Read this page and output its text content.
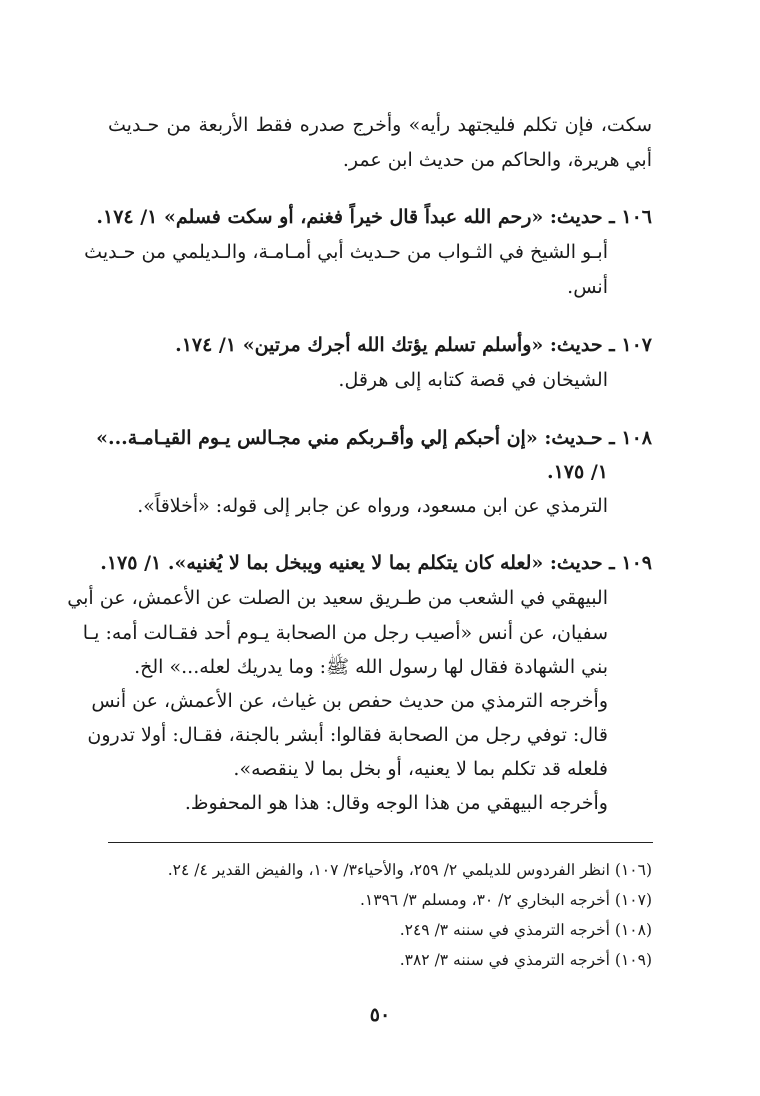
سكت، فإن تكلم فليجتهد رأيه» وأخرج صدره فقط الأربعة من حـديث
أبي هريرة، والحاكم من حديث ابن عمر.
١٠٦ ـ حديث: «رحم الله عبداً قال خيراً فغنم، أو سكت فسلم» ١/ ١٧٤.
أبـو الشيخ في الثـواب من حـديث أبي أمـامـة، والـديلمي من حـديث
أنس.
١٠٧ ـ حديث: «وأسلم تسلم يؤتك الله أجرك مرتين» ١/ ١٧٤.
الشيخان في قصة كتابه إلى هرقل.
١٠٨ ـ حـديث: «إن أحبكم إلي وأقـربكم مني مجـالس يـوم القيـامـة...»
١/ ١٧٥.
الترمذي عن ابن مسعود، ورواه عن جابر إلى قوله: «أخلاقاً».
١٠٩ ـ حديث: «لعله كان يتكلم بما لا يعنيه ويبخل بما لا يُغنيه». ١/ ١٧٥.
البيهقي في الشعب من طـريق سعيد بن الصلت عن الأعمش، عن أبي
سفيان، عن أنس «أصيب رجل من الصحابة يـوم أحد فقـالت أمه: يـا
بني الشهادة فقال لها رسول الله ﷺ: وما يدريك لعله...» الخ.
وأخرجه الترمذي من حديث حفص بن غياث، عن الأعمش، عن أنس
قال: توفي رجل من الصحابة فقالوا: أبشر بالجنة، فقـال: أولا تدرون
فلعله قد تكلم بما لا يعنيه، أو بخل بما لا ينقصه».
وأخرجه البيهقي من هذا الوجه وقال: هذا هو المحفوظ.
(١٠٦) انظر الفردوس للديلمي ٢/ ٢٥٩، والأحياء٣/ ١٠٧، والفيض القدير ٤/ ٢٤.
(١٠٧) أخرجه البخاري ٢/ ٣٠، ومسلم ٣/ ١٣٩٦.
(١٠٨) أخرجه الترمذي في سننه ٣/ ٢٤٩.
(١٠٩) أخرجه الترمذي في سننه ٣/ ٣٨٢.
٥٠
